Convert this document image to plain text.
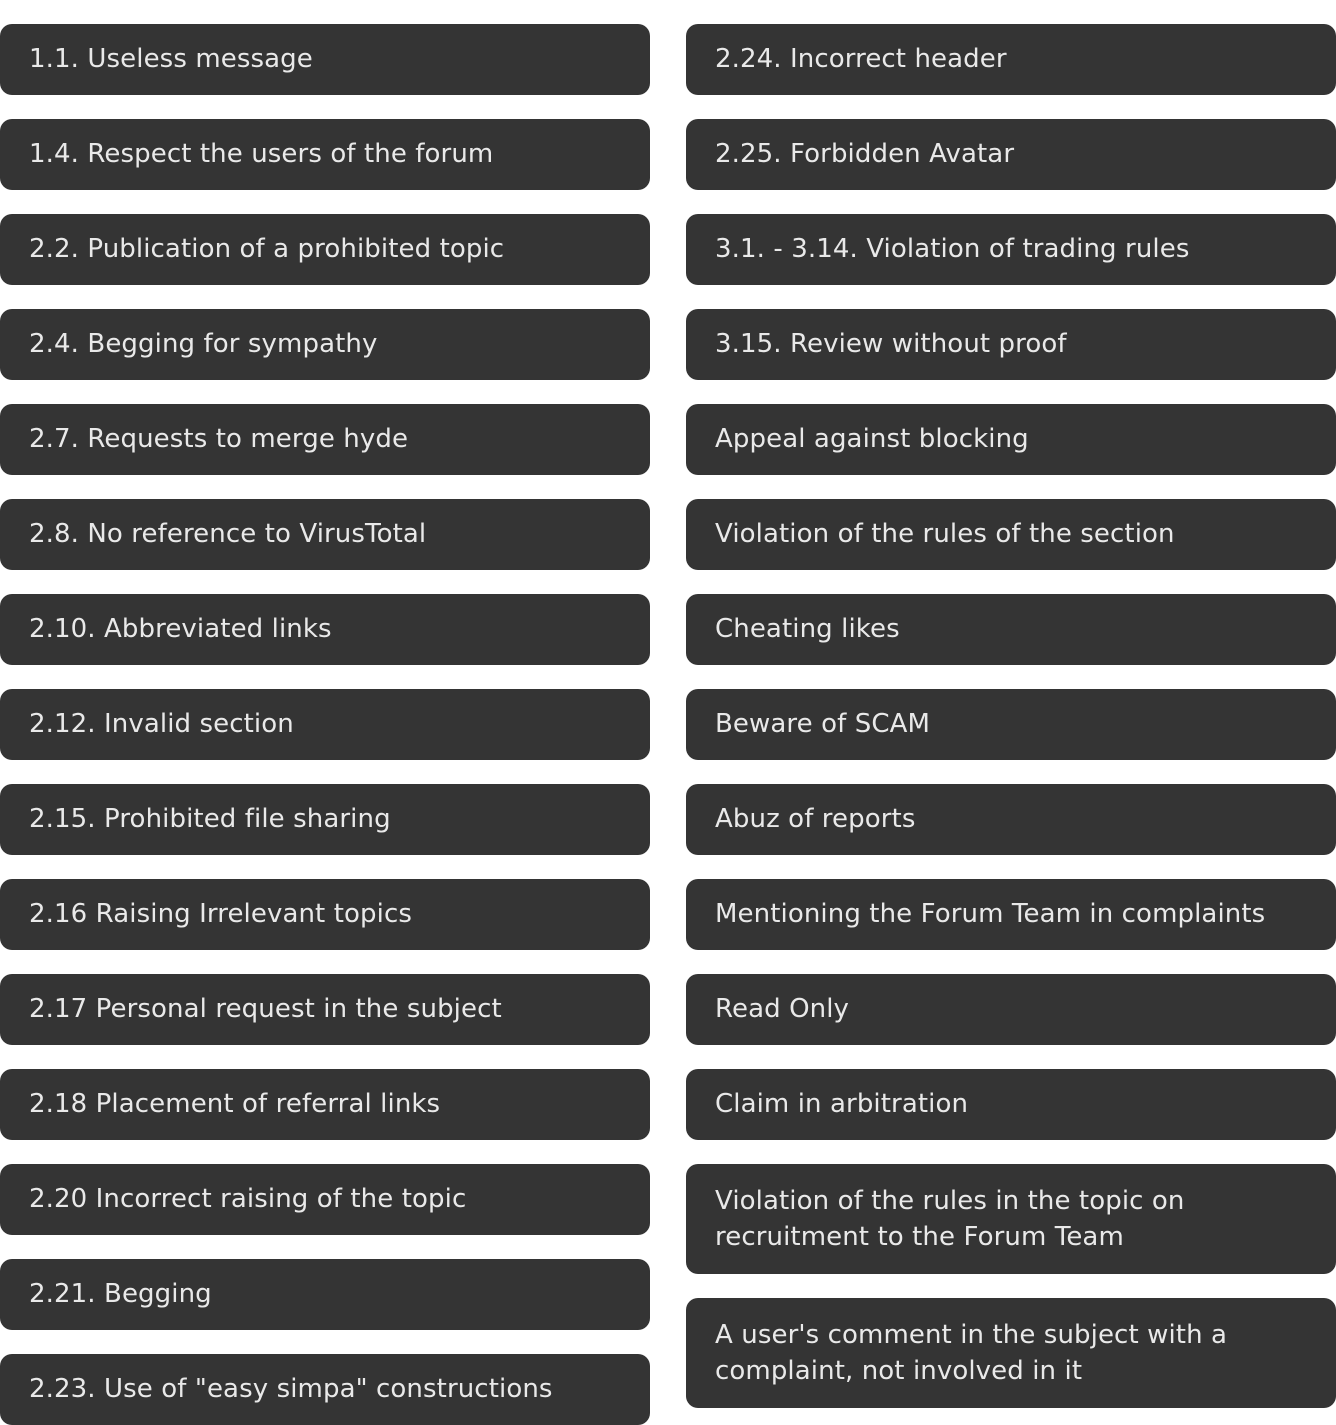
1.1. Useless message
1.4. Respect the users of the forum
2.2. Publication of a prohibited topic
2.4. Begging for sympathy
2.7. Requests to merge hyde
2.8. No reference to VirusTotal
2.10. Abbreviated links
2.12. Invalid section
2.15. Prohibited file sharing
2.16 Raising Irrelevant topics
2.17 Personal request in the subject
2.18 Placement of referral links
2.20 Incorrect raising of the topic
2.21. Begging
2.23. Use of "easy simpa" constructions
2.24. Incorrect header
2.25. Forbidden Avatar
3.1. - 3.14. Violation of trading rules
3.15. Review without proof
Appeal against blocking
Violation of the rules of the section
Cheating likes
Beware of SCAM
Abuz of reports
Mentioning the Forum Team in complaints
Read Only
Claim in arbitration
Violation of the rules in the topic on recruitment to the Forum Team
A user's comment in the subject with a complaint, not involved in it
